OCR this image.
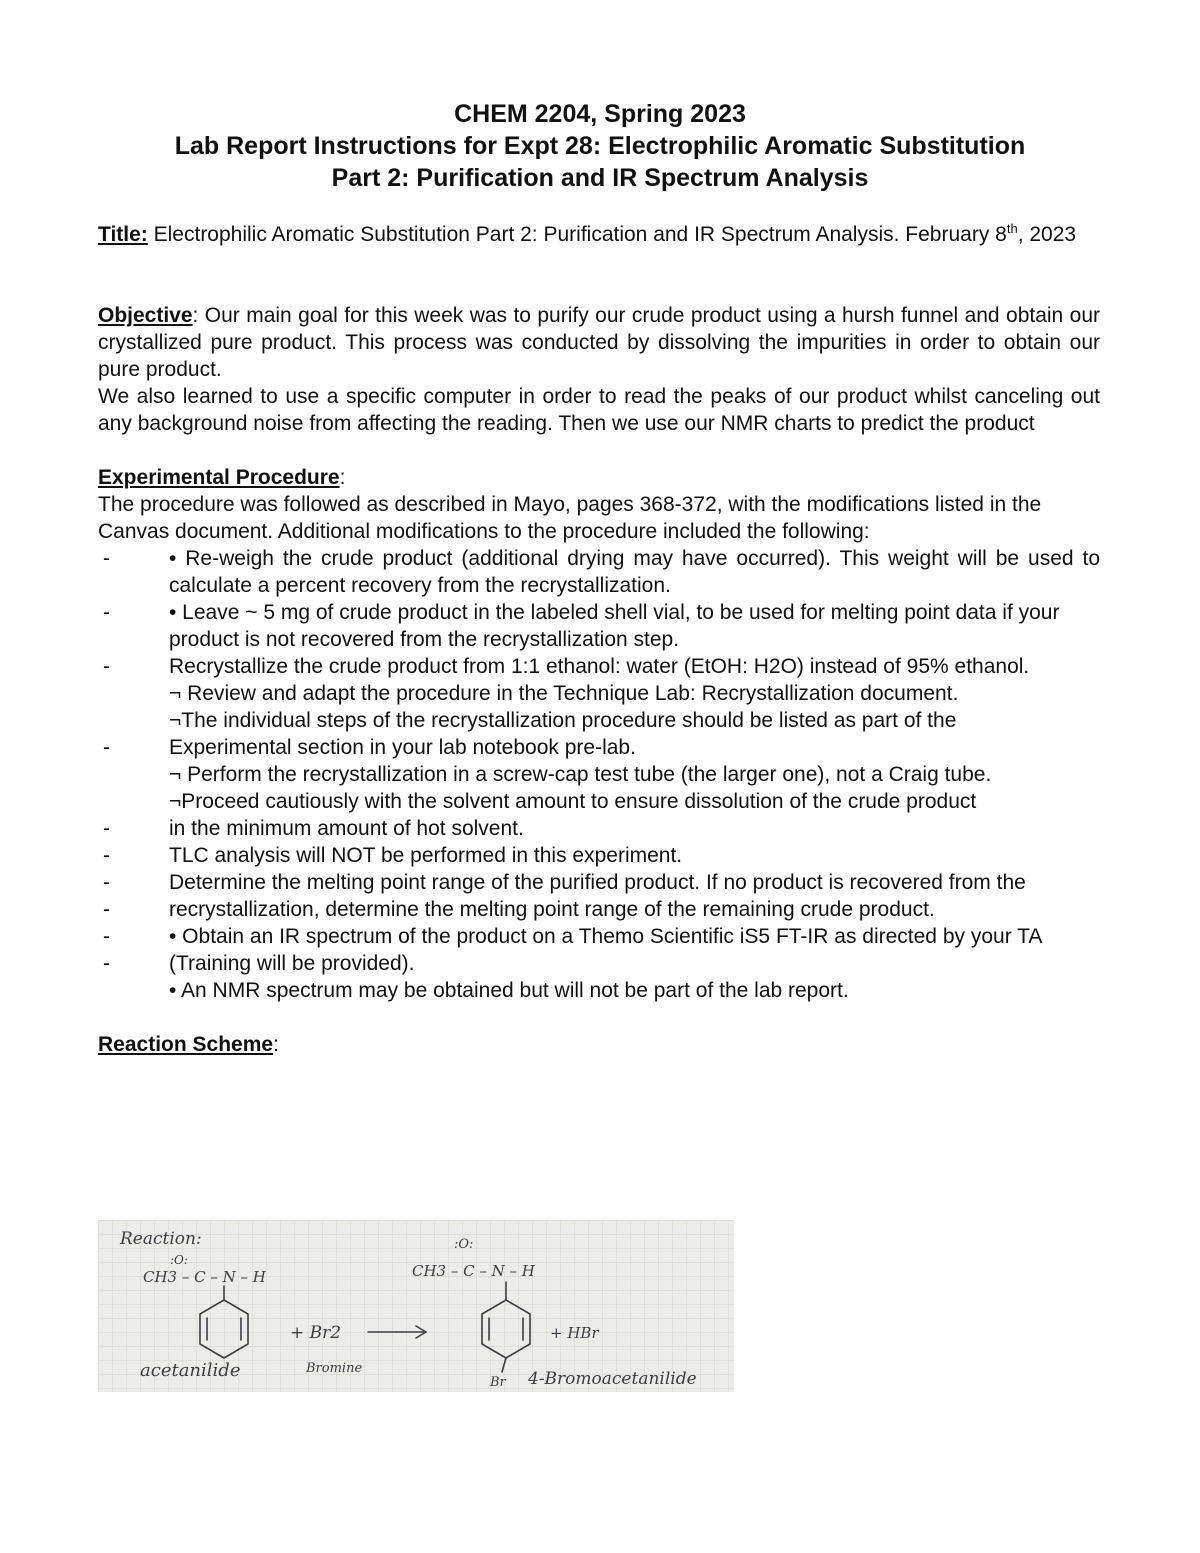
CHEM 2204, Spring 2023
Lab Report Instructions for Expt 28: Electrophilic Aromatic Substitution
Part 2: Purification and IR Spectrum Analysis

Title: Electrophilic Aromatic Substitution Part 2: Purification and IR Spectrum Analysis. February 8th, 2023

Objective: Our main goal for this week was to purify our crude product using a hursh funnel and obtain our crystallized pure product. This process was conducted by dissolving the impurities in order to obtain our pure product.

We also learned to use a specific computer in order to read the peaks of our product whilst canceling out any background noise from affecting the reading. Then we use our NMR charts to predict the product

Experimental Procedure:

The procedure was followed as described in Mayo, pages 368-372, with the modifications listed in the Canvas document. Additional modifications to the procedure included the following:

-	• Re-weigh the crude product (additional drying may have occurred). This weight will be used to calculate a percent recovery from the recrystallization.
-	• Leave ~ 5 mg of crude product in the labeled shell vial, to be used for melting point data if your product is not recovered from the recrystallization step.
-	Recrystallize the crude product from 1:1 ethanol: water (EtOH: H2O) instead of 95% ethanol.

¬ Review and adapt the procedure in the Technique Lab: Recrystallization document.

¬The individual steps of the recrystallization procedure should be listed as part of the

-	Experimental section in your lab notebook pre-lab.

¬ Perform the recrystallization in a screw-cap test tube (the larger one), not a Craig tube.

¬Proceed cautiously with the solvent amount to ensure dissolution of the crude product

-	in the minimum amount of hot solvent.
-	TLC analysis will NOT be performed in this experiment.
-	Determine the melting point range of the purified product. If no product is recovered from the
-	recrystallization, determine the melting point range of the remaining crude product.
-	• Obtain an IR spectrum of the product on a Themo Scientific iS5 FT-IR as directed by your TA
-	(Training will be provided).

• An NMR spectrum may be obtained but will not be part of the lab report.

Reaction Scheme:

Reaction:
:O:
CH3 – C – N – H
acetanilide
+ Br2
Bromine
:O:
CH3 – C – N – H
+ HBr
Br 4-Bromoacetanilide
